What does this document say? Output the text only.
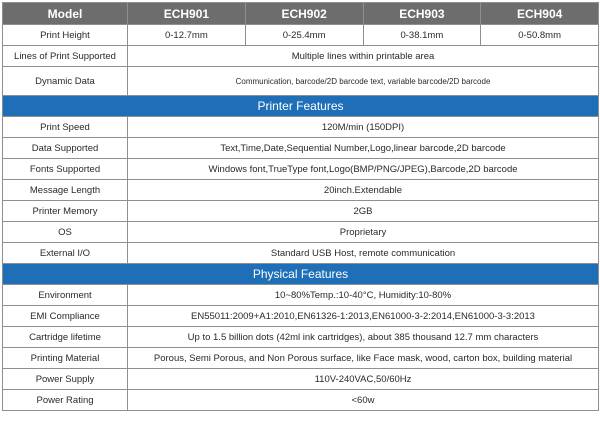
Model	ECH901	ECH902	ECH903	ECH904
Print Height	0-12.7mm	0-25.4mm	0-38.1mm	0-50.8mm
Lines of Print Supported	Multiple lines within printable area			
Dynamic Data	Communication, barcode/2D barcode text, variable barcode/2D barcode			
Printer Features				
Print Speed	120M/min (150DPI)			
Data Supported	Text,Time,Date,Sequential Number,Logo,linear barcode,2D barcode			
Fonts Supported	Windows font,TrueType font,Logo(BMP/PNG/JPEG),Barcode,2D barcode			
Message Length	20inch.Extendable			
Printer Memory	2GB			
OS	Proprietary			
External I/O	Standard USB Host, remote communication			
Physical Features				
Environment	10~80%Temp.:10-40°C, Humidity:10-80%			
EMI Compliance	EN55011:2009+A1:2010,EN61326-1:2013,EN61000-3-2:2014,EN61000-3-3:2013			
Cartridge lifetime	Up to 1.5 billion dots (42ml ink cartridges), about 385 thousand 12.7 mm characters			
Printing Material	Porous, Semi Porous, and Non Porous surface, like Face mask, wood, carton box, building material			
Power Supply	110V-240VAC,50/60Hz			
Power Rating	<60w			
